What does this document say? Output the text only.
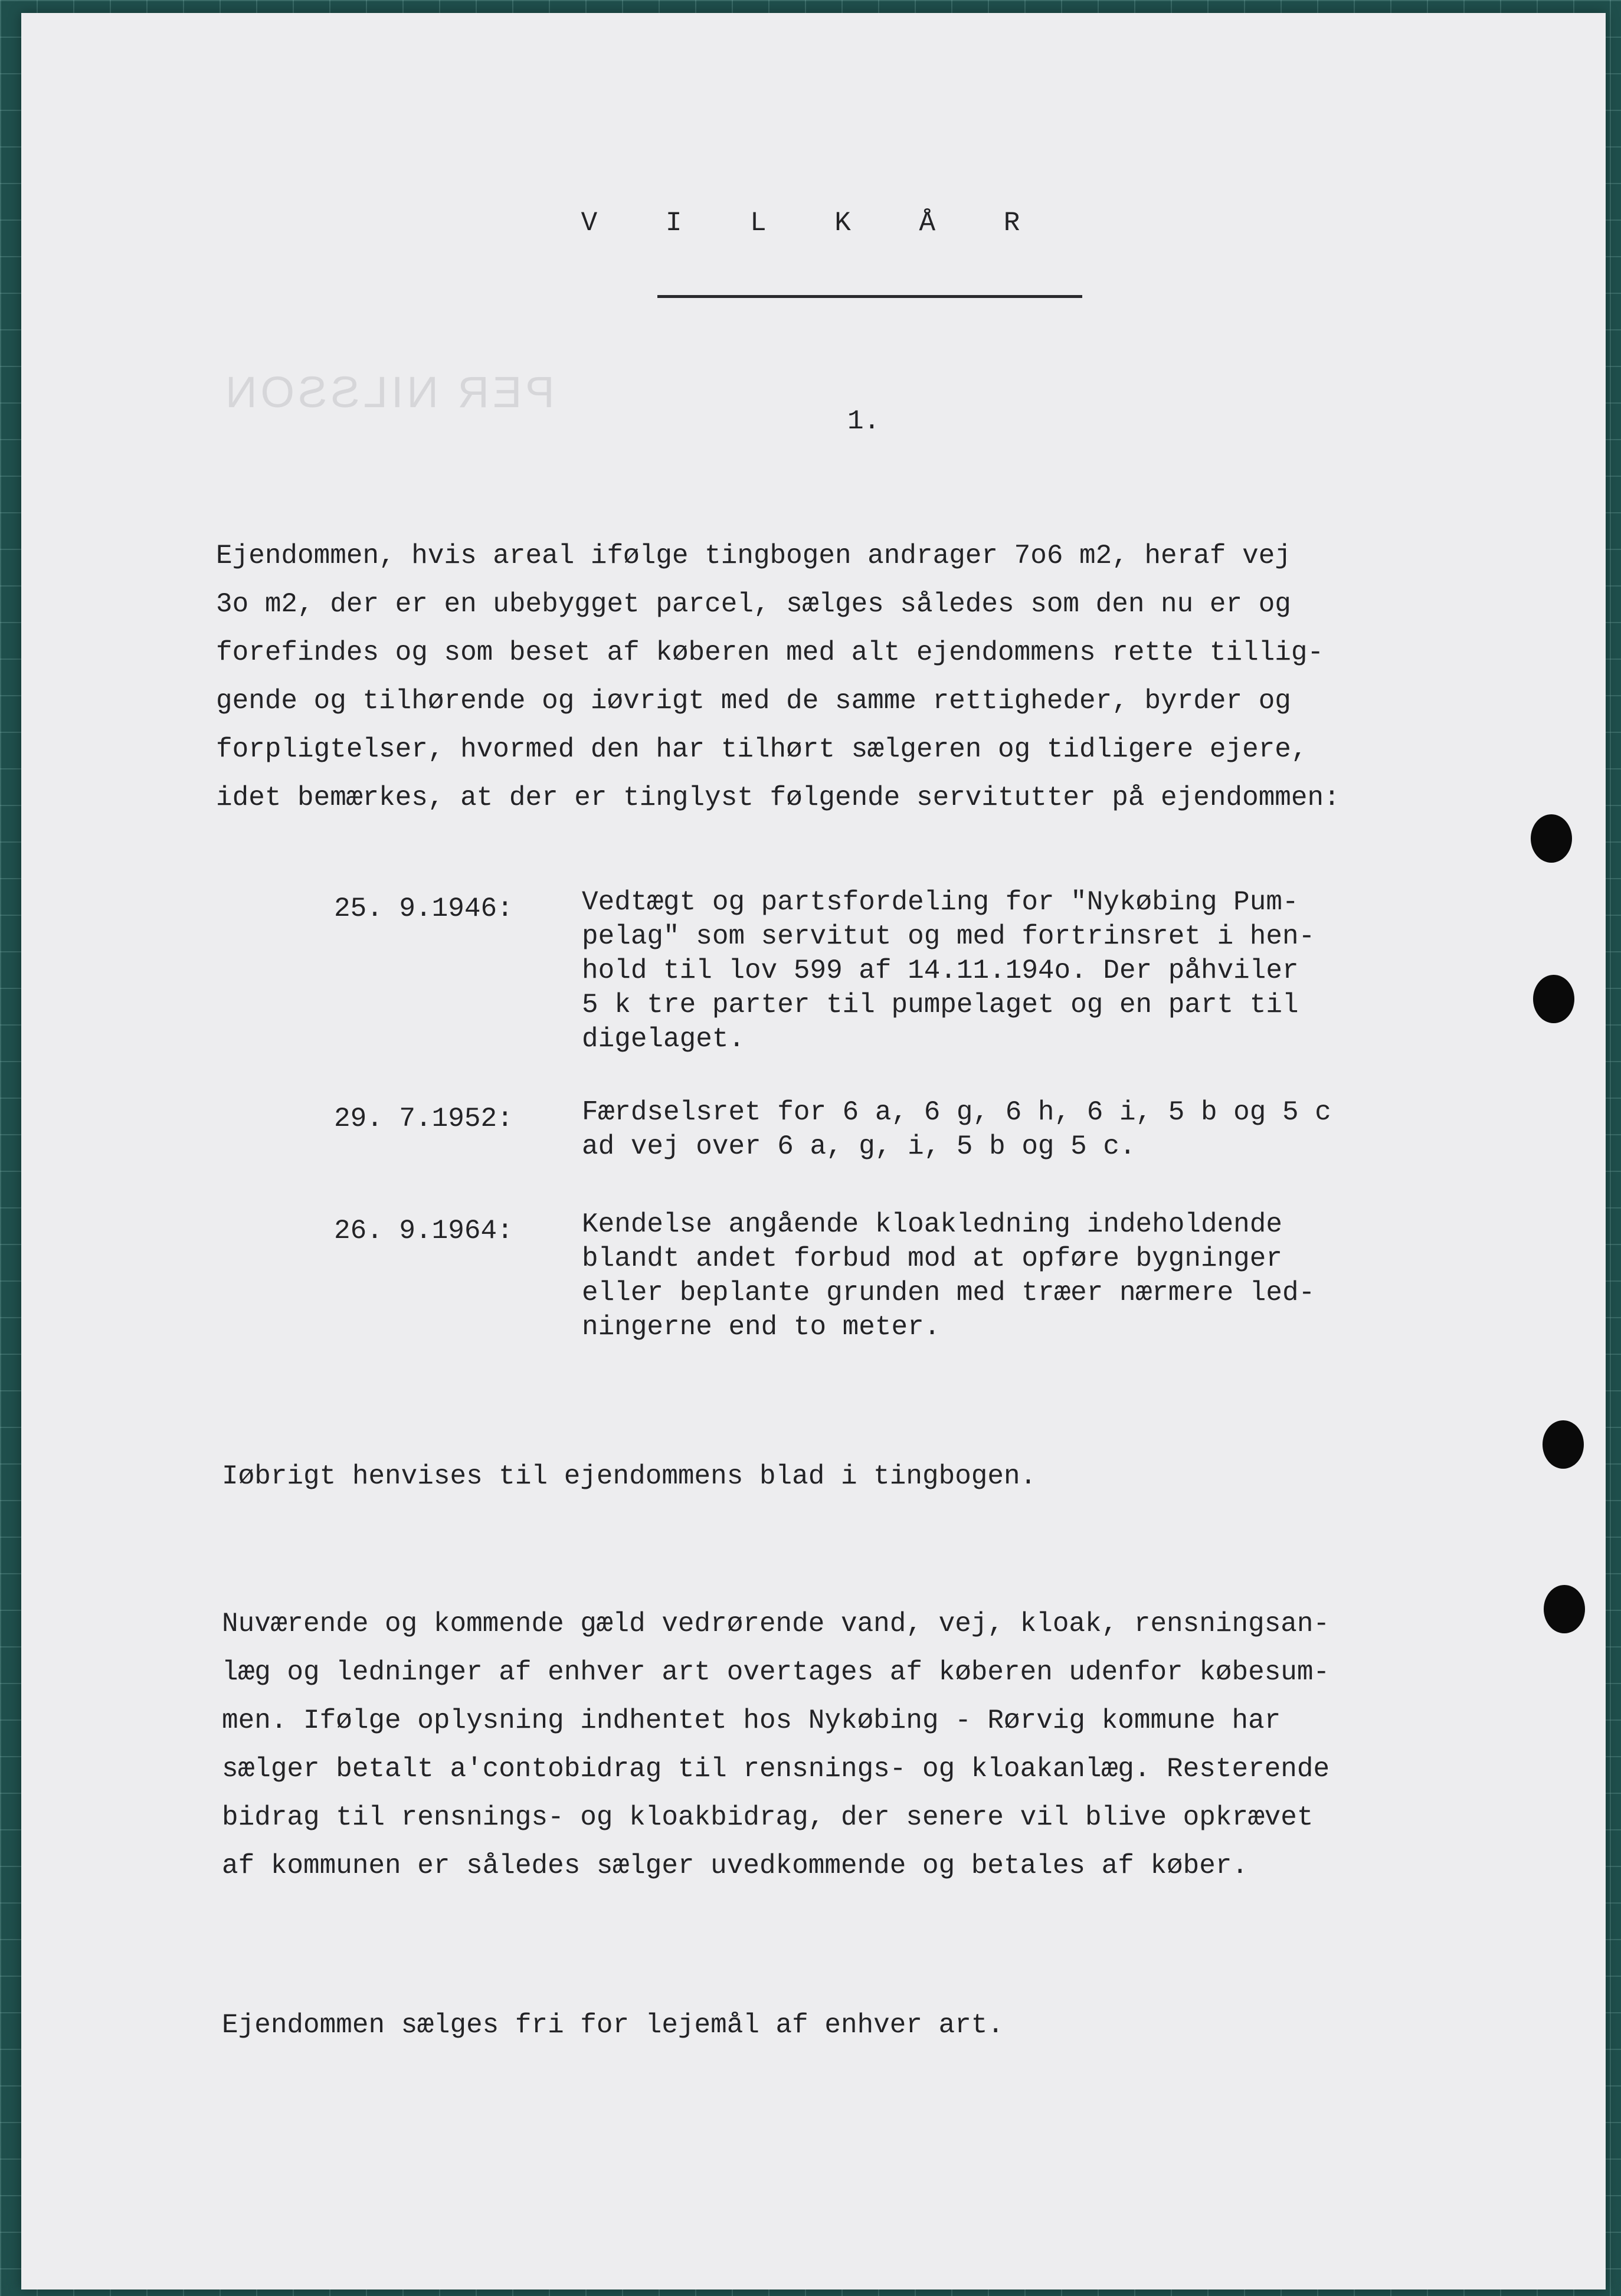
PER NILSSON
V I L K Å R
1.
Ejendommen, hvis areal ifølge tingbogen andrager 7o6 m2, heraf vej
3o m2, der er en ubebygget parcel, sælges således som den nu er og
forefindes og som beset af køberen med alt ejendommens rette tillig-
gende og tilhørende og iøvrigt med de samme rettigheder, byrder og
forpligtelser, hvormed den har tilhørt sælgeren og tidligere ejere,
idet bemærkes, at der er tinglyst følgende servitutter på ejendommen:
25. 9.1946:	Vedtægt og partsfordeling for "Nykøbing Pum-
pelag" som servitut og med fortrinsret i hen-
hold til lov 599 af 14.11.194o. Der påhviler
5 k tre parter til pumpelaget og en part til
digelaget.
29. 7.1952:	Færdselsret for 6 a, 6 g, 6 h, 6 i, 5 b og 5 c
ad vej over 6 a, g, i, 5 b og 5 c.
26. 9.1964:	Kendelse angående kloakledning indeholdende
blandt andet forbud mod at opføre bygninger
eller beplante grunden med træer nærmere led-
ningerne end to meter.
Iøbrigt henvises til ejendommens blad i tingbogen.
Nuværende og kommende gæld vedrørende vand, vej, kloak, rensningsan-
læg og ledninger af enhver art overtages af køberen udenfor købesum-
men. Ifølge oplysning indhentet hos Nykøbing - Rørvig kommune har
sælger betalt a'contobidrag til rensnings- og kloakanlæg. Resterende
bidrag til rensnings- og kloakbidrag, der senere vil blive opkrævet
af kommunen er således sælger uvedkommende og betales af køber.
Ejendommen sælges fri for lejemål af enhver art.
